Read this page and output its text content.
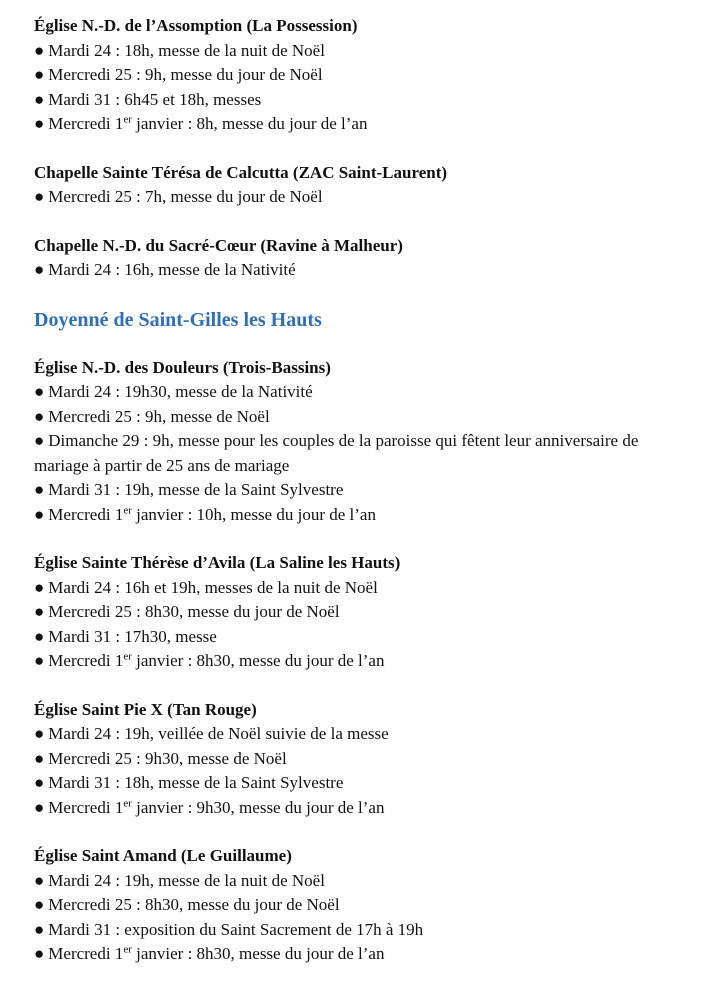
Église N.-D. de l’Assomption (La Possession)
● Mardi 24 : 18h, messe de la nuit de Noël
● Mercredi 25 : 9h, messe du jour de Noël
● Mardi 31 : 6h45 et 18h, messes
● Mercredi 1er janvier : 8h, messe du jour de l’an
Chapelle Sainte Térésa de Calcutta (ZAC Saint-Laurent)
● Mercredi 25 : 7h, messe du jour de Noël
Chapelle N.-D. du Sacré-Cœur (Ravine à Malheur)
● Mardi 24 : 16h, messe de la Nativité
Doyenné de Saint-Gilles les Hauts
Église N.-D. des Douleurs (Trois-Bassins)
● Mardi 24 : 19h30, messe de la Nativité
● Mercredi 25 : 9h, messe de Noël
● Dimanche 29 : 9h, messe pour les couples de la paroisse qui fêtent leur anniversaire de mariage à partir de 25 ans de mariage
● Mardi 31 : 19h, messe de la Saint Sylvestre
● Mercredi 1er janvier : 10h, messe du jour de l’an
Église Sainte Thérèse d’Avila (La Saline les Hauts)
● Mardi 24 : 16h et 19h, messes de la nuit de Noël
● Mercredi 25 : 8h30, messe du jour de Noël
● Mardi 31 : 17h30, messe
● Mercredi 1er janvier : 8h30, messe du jour de l’an
Église Saint Pie X (Tan Rouge)
● Mardi 24 : 19h, veillée de Noël suivie de la messe
● Mercredi 25 : 9h30, messe de Noël
● Mardi 31 : 18h, messe de la Saint Sylvestre
● Mercredi 1er janvier : 9h30, messe du jour de l’an
Église Saint Amand (Le Guillaume)
● Mardi 24 : 19h, messe de la nuit de Noël
● Mercredi 25 : 8h30, messe du jour de Noël
● Mardi 31 : exposition du Saint Sacrement de 17h à 19h
● Mercredi 1er janvier : 8h30, messe du jour de l’an
